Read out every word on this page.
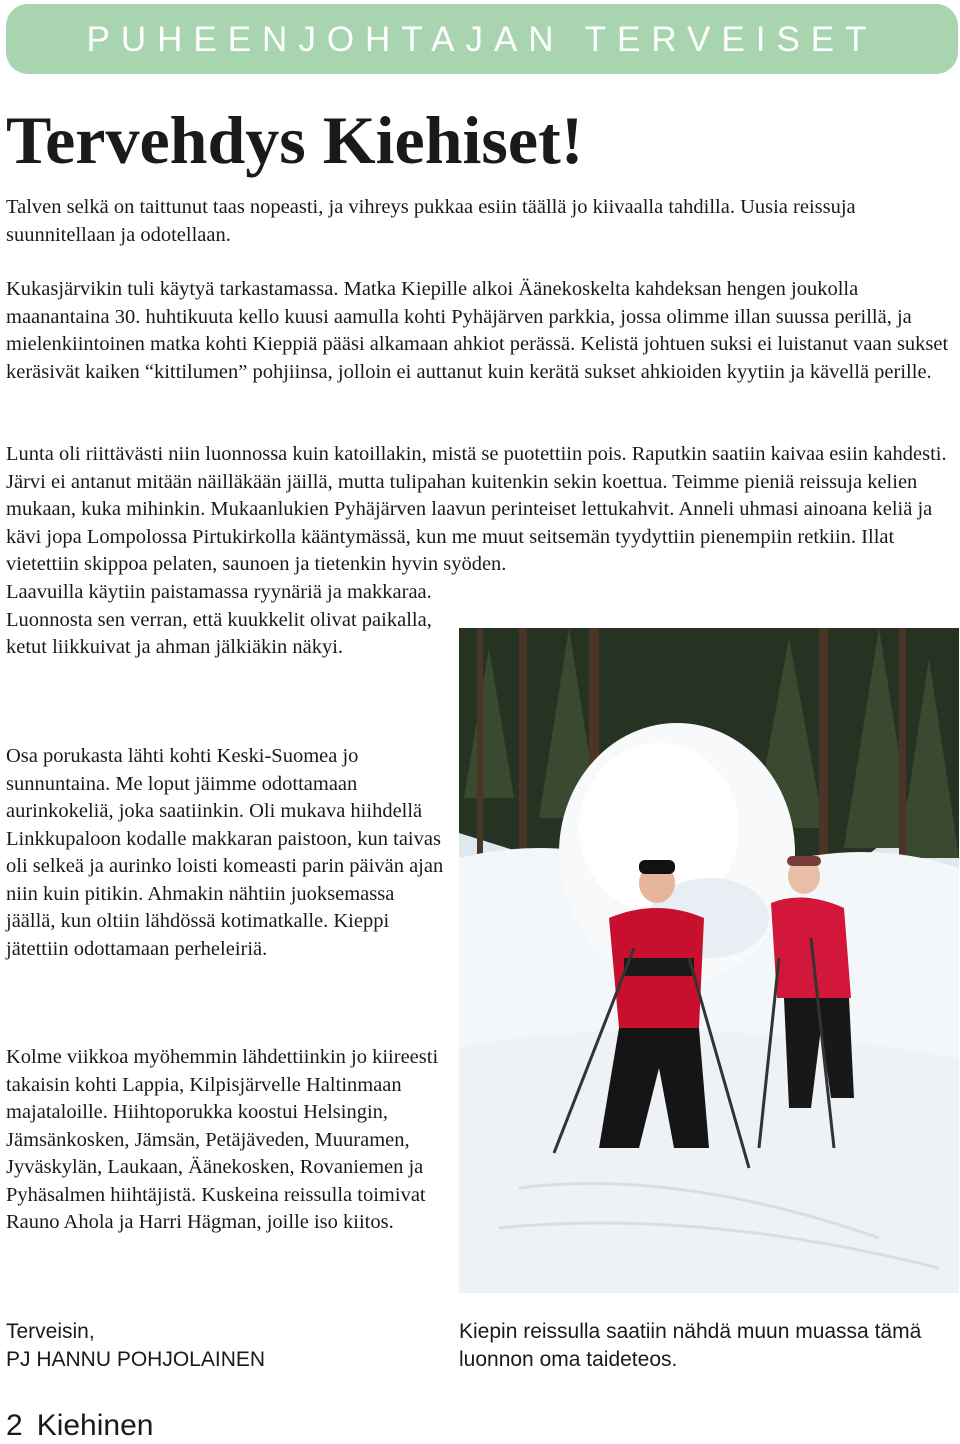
PUHEENJOHTAJAN TERVEISET
Tervehdys Kiehiset!

Talven selkä on taittunut taas nopeasti, ja vihreys pukkaa esiin täällä jo kiivaalla tahdilla. Uusia reissuja suunnitellaan ja odotellaan.

Kukasjärvikin tuli käytyä tarkastamassa. Matka Kiepille alkoi Äänekoskelta kahdeksan hengen joukolla maanantaina 30. huhtikuuta kello kuusi aamulla kohti Pyhäjärven parkkia, jossa olimme illan suussa perillä, ja mielenkiintoinen matka kohti Kieppiä pääsi alkamaan ahkiot perässä. Kelistä johtuen suksi ei luistanut vaan sukset keräsivät kaiken “kittilumen” pohjiinsa, jolloin ei auttanut kuin kerätä sukset ahkioiden kyytiin ja kävellä perille.

Lunta oli riittävästi niin luonnossa kuin katoillakin, mistä se puotettiin pois. Raputkin saatiin kaivaa esiin kahdesti. Järvi ei antanut mitään näilläkään jäillä, mutta tulipahan kuitenkin sekin koettua. Teimme pieniä reissuja kelien mukaan, kuka mihinkin. Mukaanlukien Pyhäjärven laavun perinteiset lettukahvit. Anneli uhmasi ainoana keliä ja kävi jopa Lompolossa Pirtukirkolla kääntymässä, kun me muut seitsemän tyydyttiin pienempiin retkiin. Illat vietettiin skippoa pelaten, saunoen ja tietenkin hyvin syöden.

Laavuilla käytiin paistamassa ryynäriä ja makkaraa. Luonnosta sen verran, että kuukkelit olivat paikalla, ketut liikkuivat ja ahman jälkiäkin näkyi.

Osa porukasta lähti kohti Keski-Suomea jo sunnuntaina. Me loput jäimme odottamaan aurinkokeliä, joka saatiinkin. Oli mukava hiihdellä Linkkupaloon kodalle makkaran paistoon, kun taivas oli selkeä ja aurinko loisti komeasti parin päivän ajan niin kuin pitikin. Ahmakin nähtiin juoksemassa jäällä, kun oltiin lähdössä kotimatkalle. Kieppi jätettiin odottamaan perheleiriä.

Kolme viikkoa myöhemmin lähdettiinkin jo kiireesti takaisin kohti Lappia, Kilpisjärvelle Haltinmaan majataloille. Hiihtoporukka koostui Helsingin, Jämsänkosken, Jämsän, Petäjäveden, Muuramen, Jyväskylän, Laukaan, Äänekosken, Rovaniemen ja Pyhäsalmen hiihtäjistä. Kuskeina reissulla toimivat Rauno Ahola ja Harri Hägman, joille iso kiitos.

Terveisin,
PJ HANNU POHJOLAINEN

Kiepin reissulla saatiin nähdä muun muassa tämä luonnon oma taideteos.

2 Kiehinen
